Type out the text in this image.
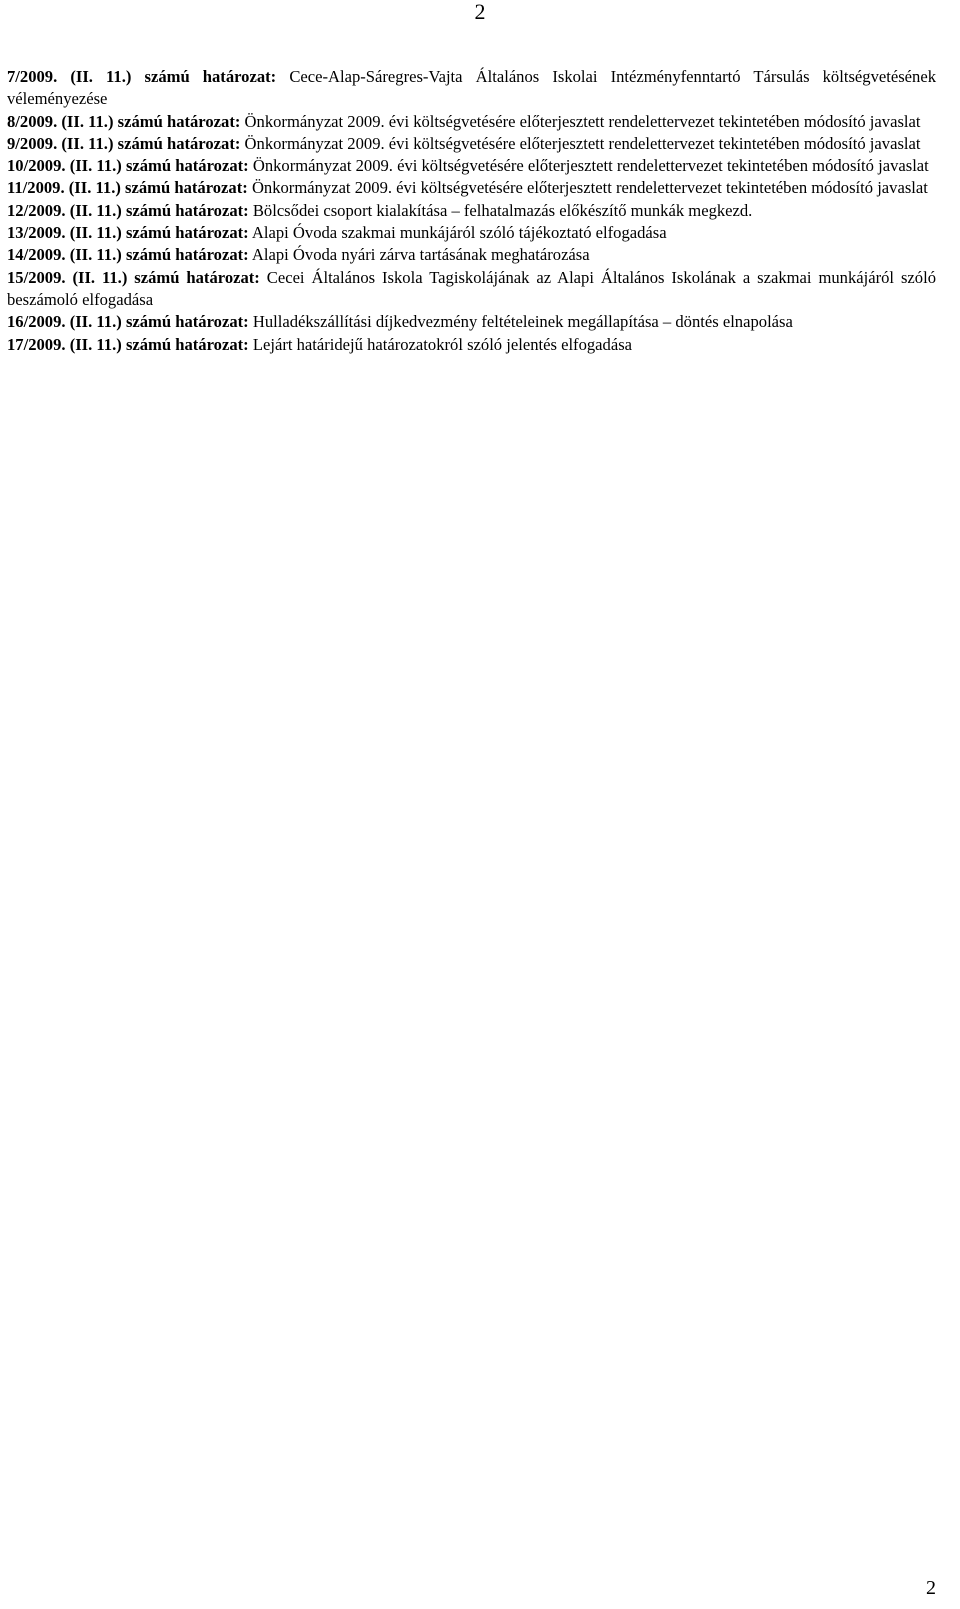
2

7/2009. (II. 11.) számú határozat: Cece-Alap-Sáregres-Vajta Általános Iskolai Intézményfenntartó Társulás költségvetésének véleményezése

8/2009. (II. 11.) számú határozat: Önkormányzat 2009. évi költségvetésére előterjesztett rendelettervezet tekintetében módosító javaslat

9/2009. (II. 11.) számú határozat: Önkormányzat 2009. évi költségvetésére előterjesztett rendelettervezet tekintetében módosító javaslat

10/2009. (II. 11.) számú határozat: Önkormányzat 2009. évi költségvetésére előterjesztett rendelettervezet tekintetében módosító javaslat

11/2009. (II. 11.) számú határozat: Önkormányzat 2009. évi költségvetésére előterjesztett rendelettervezet tekintetében módosító javaslat

12/2009. (II. 11.) számú határozat: Bölcsődei csoport kialakítása – felhatalmazás előkészítő munkák megkezd.

13/2009. (II. 11.) számú határozat: Alapi Óvoda szakmai munkájáról szóló tájékoztató elfogadása

14/2009. (II. 11.) számú határozat: Alapi Óvoda nyári zárva tartásának meghatározása

15/2009. (II. 11.) számú határozat: Cecei Általános Iskola Tagiskolájának az Alapi Általános Iskolának a szakmai munkájáról szóló beszámoló elfogadása

16/2009. (II. 11.) számú határozat: Hulladékszállítási díjkedvezmény feltételeinek megállapítása – döntés elnapolása

17/2009. (II. 11.) számú határozat: Lejárt határidejű határozatokról szóló jelentés elfogadása

2
